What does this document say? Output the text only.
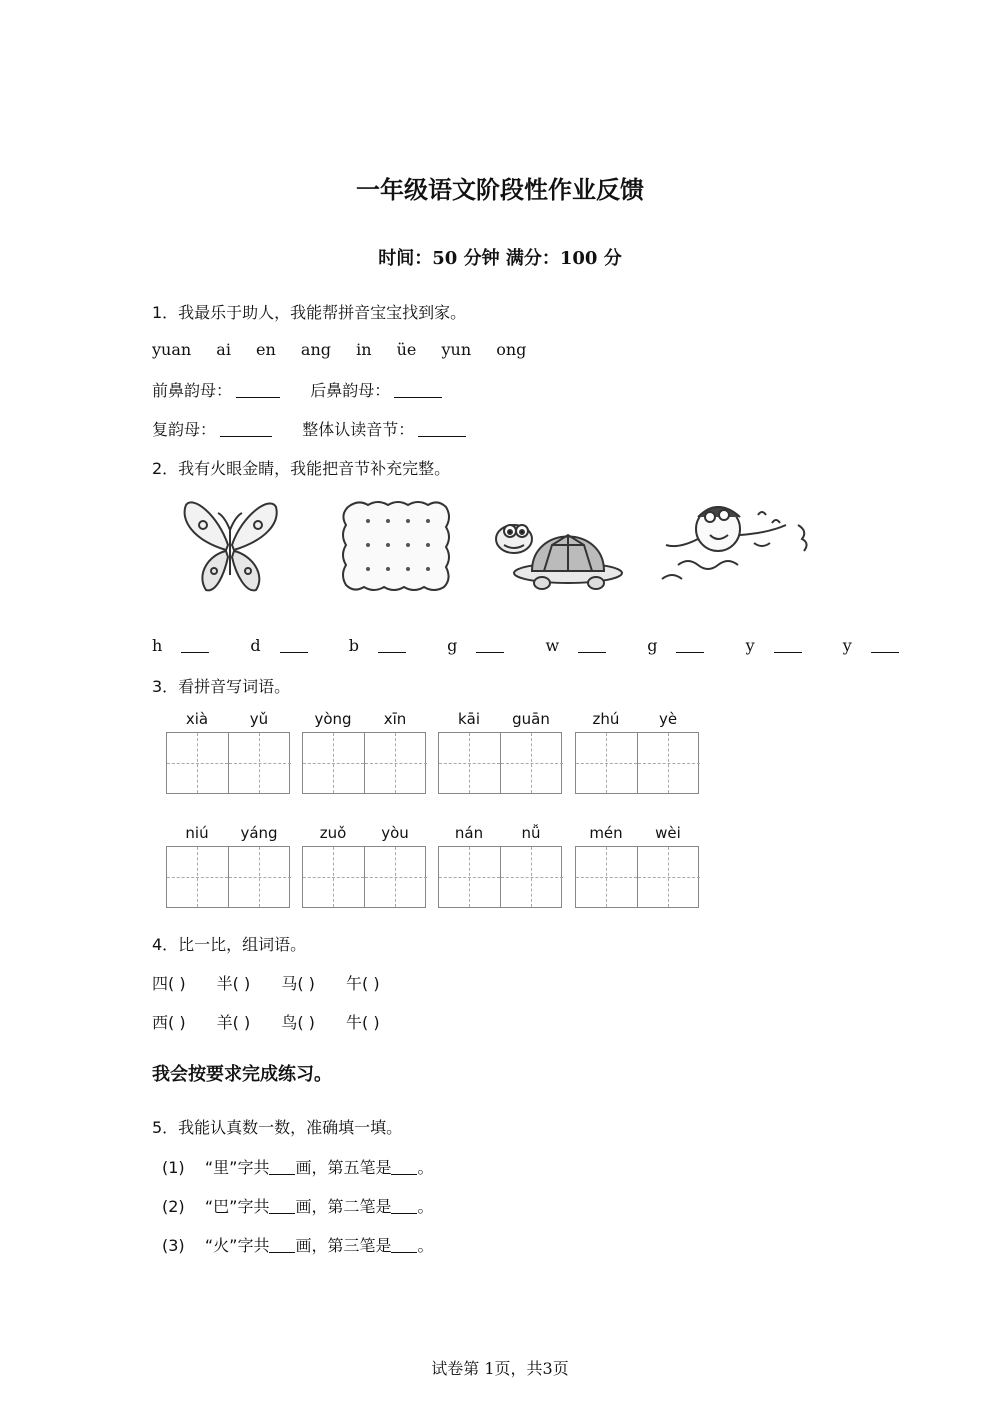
一年级语文阶段性作业反馈
时间：50 分钟 满分：100 分
1．我最乐于助人，我能帮拼音宝宝找到家。
yuan ai en ang in üe yun ong
前鼻韵母：	后鼻韵母：
复韵母：	整体认读音节：
2．我有火眼金睛，我能把音节补充完整。
h	d	b	g	w	g	y	y
3．看拼音写词语。
xià	yǔ	yòng	xīn	kāi	guān	zhú	yè
niú	yáng	zuǒ	yòu	nán	nǚ	mén	wèi
4．比一比，组词语。
四( ) 半( ) 马( ) 午( )
西( ) 羊( ) 鸟( ) 牛( )
我会按要求完成练习。
5．我能认真数一数，准确填一填。
(1) “里”字共 画，第五笔是 。
(2) “巴”字共 画，第二笔是 。
(3) “火”字共 画，第三笔是 。
试卷第 1页，共3页
